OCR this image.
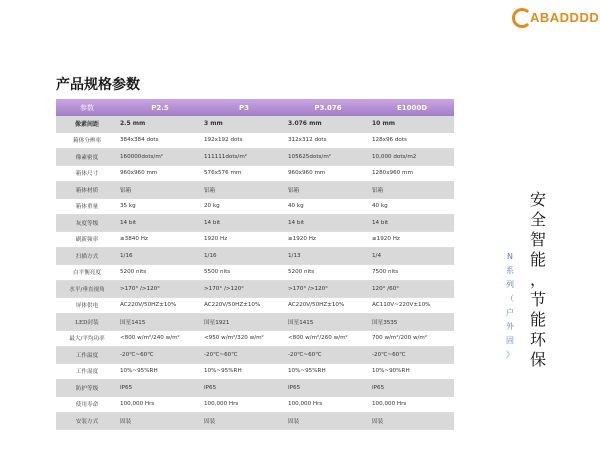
ABADDDD
产品规格参数
参数	P2.5	P3	P3.076	E1000D
像素间距	2.5 mm	3 mm	3.076 mm	10 mm
箱体分辨率	384x384 dots	192x192 dots	312x312 dots	128x96 dots
像素密度	160000dots/m²	111111dots/m²	105625dots/m²	10,000 dots/m2
箱体尺寸	960x960 mm	576x576 mm	960x960 mm	1280x960 mm
箱体材质	铝箱	铝箱	铝箱	铝箱
箱体重量	35 kg	20 kg	40 kg	40 kg
灰度等级	14 bit	14 bit	14 bit	14 bit
刷新频率	≥3840 Hz	1920 Hz	≥1920 Hz	≥1920 Hz
扫描方式	1/16	1/16	1/13	1/4
白平衡亮度	5200 nits	5500 nits	5200 nits	7500 nits
水平/垂直视角	>170° />120°	>170° />120°	>170° />120°	120° /60°
屏体供电	AC220V/50HZ±10%	AC220V/50HZ±10%	AC220V/50HZ±10%	AC110V~220V±10%
LED封装	国星1415	国星1921	国星1415	国星3535
最大/平均功率	<800 w/m²/240 w/m²	<950 w/m²/320 w/m²	<800 w/m²/260 w/m²	700 w/m²/200 w/m²
工作温度	-20℃~60℃	-20℃~60℃	-20℃~60℃	-20℃~60℃
工作湿度	10%~95%RH	10%~95%RH	10%~95%RH	10%~90%RH
防护等级	IP65	IP65	IP65	IP65
使用寿命	100,000 Hrs	100,000 Hrs	100,000 Hrs	100,000 Hrs
安装方式	固装	固装	固装	固装
安
全
智
能
，
节
能
环
保
N
系
列
（
户
外
固
》
